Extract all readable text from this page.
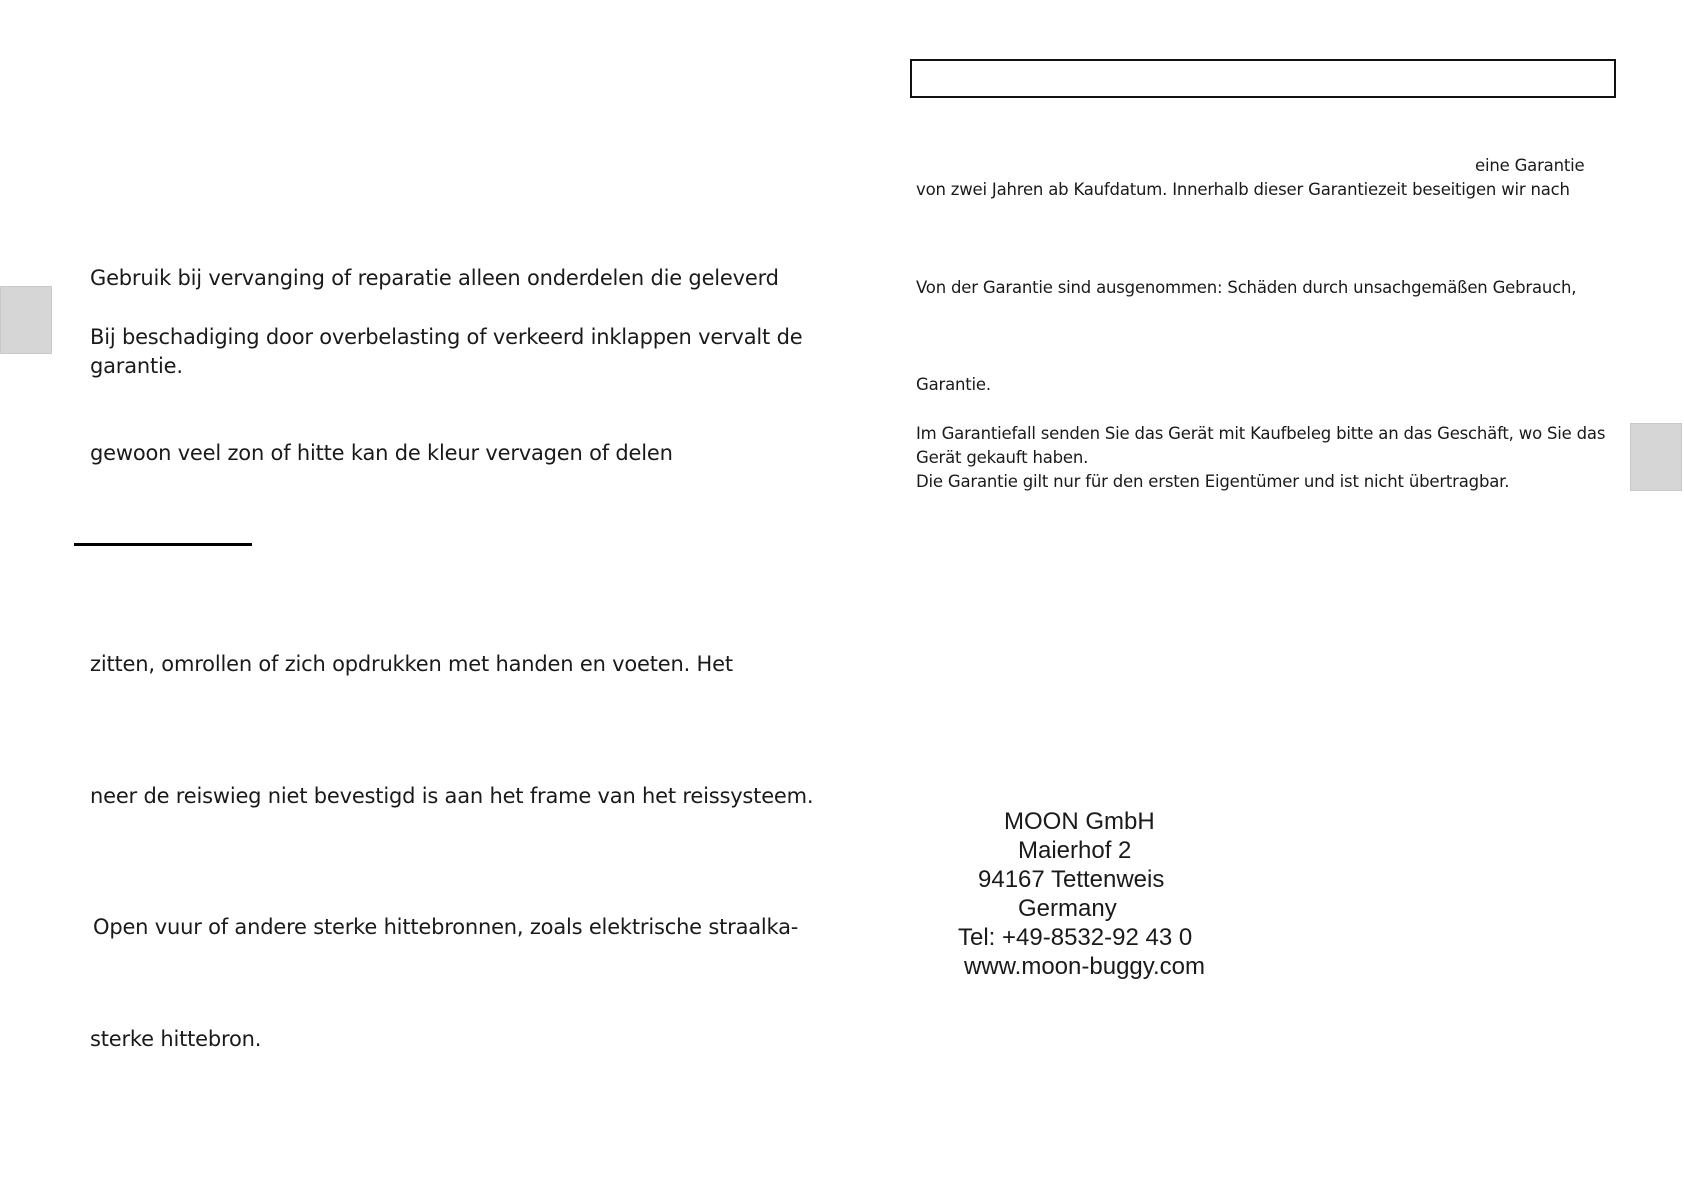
Gebruik bij vervanging of reparatie alleen onderdelen die geleverd
Bij beschadiging door overbelasting of verkeerd inklappen vervalt de
garantie.
gewoon veel zon of hitte kan de kleur vervagen of delen
zitten, omrollen of zich opdrukken met handen en voeten. Het
neer de reiswieg niet bevestigd is aan het frame van het reissysteem.
Open vuur of andere sterke hittebronnen, zoals elektrische straalka-
sterke hittebron.
eine Garantie
von zwei Jahren ab Kaufdatum. Innerhalb dieser Garantiezeit beseitigen wir nach
Von der Garantie sind ausgenommen: Schäden durch unsachgemäßen Gebrauch,
Garantie.
Im Garantiefall senden Sie das Gerät mit Kaufbeleg bitte an das Geschäft, wo Sie das
Gerät gekauft haben.
Die Garantie gilt nur für den ersten Eigentümer und ist nicht übertragbar.
MOON GmbH
Maierhof 2
94167 Tettenweis
Germany
Tel: +49-8532-92 43 0
www.moon-buggy.com
